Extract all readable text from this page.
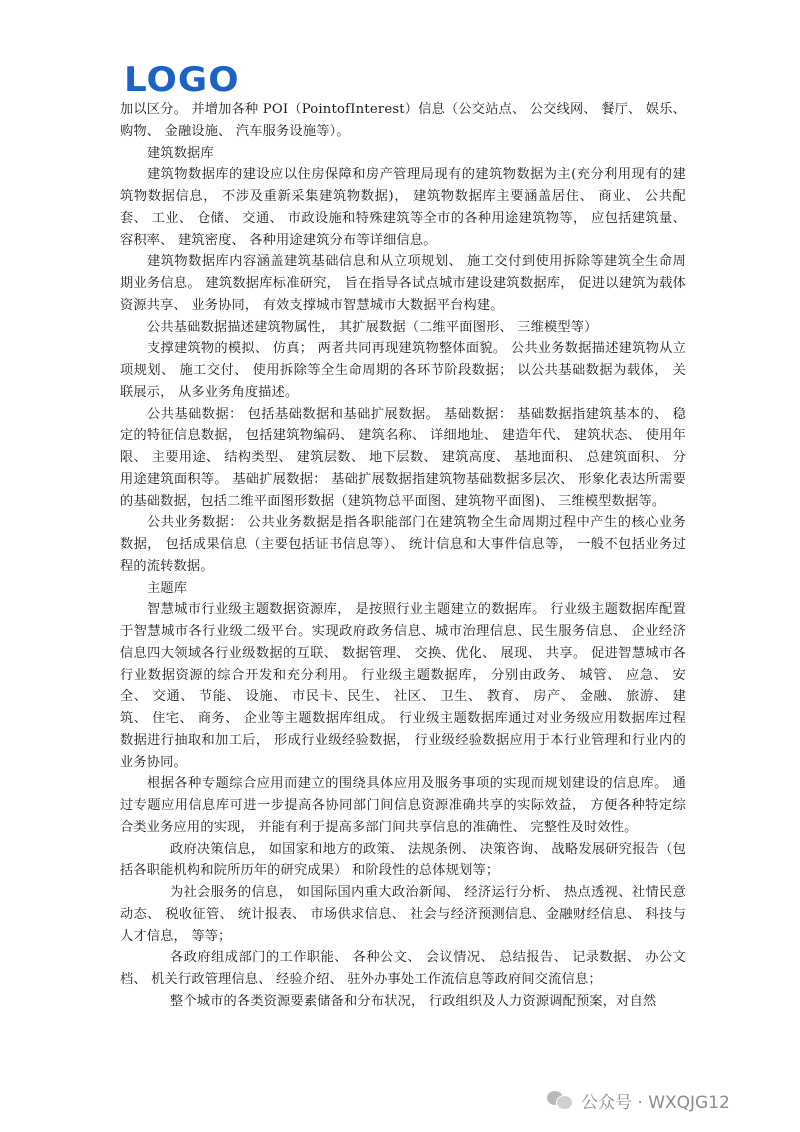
LOGO

加以区分。 并增加各种 POI（PointofInterest）信息（公交站点、 公交线网、 餐厅、 娱乐、 购物、 金融设施、 汽车服务设施等）。

建筑数据库

建筑物数据库的建设应以住房保障和房产管理局现有的建筑物数据为主(充分利用现有的建筑物数据信息， 不涉及重新采集建筑物数据)， 建筑物数据库主要涵盖居住、 商业、 公共配套、 工业、 仓储、 交通、 市政设施和特殊建筑等全市的各种用途建筑物等， 应包括建筑量、 容积率、 建筑密度、 各种用途建筑分布等详细信息。

建筑物数据库内容涵盖建筑基础信息和从立项规划、 施工交付到使用拆除等建筑全生命周期业务信息。 建筑数据库标准研究， 旨在指导各试点城市建设建筑数据库， 促进以建筑为载体资源共享、 业务协同， 有效支撑城市智慧城市大数据平台构建。

公共基础数据描述建筑物属性， 其扩展数据（二维平面图形、 三维模型等）

支撑建筑物的模拟、 仿真； 两者共同再现建筑物整体面貌。 公共业务数据描述建筑物从立项规划、 施工交付、 使用拆除等全生命周期的各环节阶段数据； 以公共基础数据为载体， 关联展示， 从多业务角度描述。

公共基础数据： 包括基础数据和基础扩展数据。 基础数据： 基础数据指建筑基本的、 稳定的特征信息数据， 包括建筑物编码、 建筑名称、 详细地址、 建造年代、 建筑状态、 使用年限、 主要用途、 结构类型、 建筑层数、 地下层数、 建筑高度、 基地面积、 总建筑面积、 分用途建筑面积等。 基础扩展数据： 基础扩展数据指建筑物基础数据多层次、 形象化表达所需要的基础数据，包括二维平面图形数据（建筑物总平面图、建筑物平面图)、 三维模型数据等。

公共业务数据： 公共业务数据是指各职能部门在建筑物全生命周期过程中产生的核心业务数据， 包括成果信息（主要包括证书信息等）、 统计信息和大事件信息等， 一般不包括业务过程的流转数据。

主题库

智慧城市行业级主题数据资源库， 是按照行业主题建立的数据库。 行业级主题数据库配置于智慧城市各行业级二级平台。实现政府政务信息、城市治理信息、民生服务信息、 企业经济信息四大领域各行业级数据的互联、 数据管理、 交换、优化、 展现、 共享。 促进智慧城市各行业数据资源的综合开发和充分利用。 行业级主题数据库， 分别由政务、 城管、 应急、 安全、 交通、 节能、 设施、 市民卡、民生、 社区、 卫生、 教育、 房产、 金融、 旅游、 建筑、 住宅、 商务、 企业等主题数据库组成。 行业级主题数据库通过对业务级应用数据库过程数据进行抽取和加工后， 形成行业级经验数据， 行业级经验数据应用于本行业管理和行业内的业务协同。

根据各种专题综合应用而建立的围绕具体应用及服务事项的实现而规划建设的信息库。 通过专题应用信息库可进一步提高各协同部门间信息资源准确共享的实际效益， 方便各种特定综合类业务应用的实现， 并能有利于提高多部门间共享信息的准确性、 完整性及时效性。

政府决策信息， 如国家和地方的政策、 法规条例、 决策咨询、 战略发展研究报告（包括各职能机构和院所历年的研究成果） 和阶段性的总体规划等；

为社会服务的信息， 如国际国内重大政治新闻、 经济运行分析、 热点透视、社情民意动态、 税收征管、 统计报表、 市场供求信息、 社会与经济预测信息、金融财经信息、 科技与人才信息， 等等；

各政府组成部门的工作职能、 各种公文、 会议情况、 总结报告、 记录数据、 办公文档、 机关行政管理信息、 经验介绍、 驻外办事处工作流信息等政府间交流信息；

整个城市的各类资源要素储备和分布状况， 行政组织及人力资源调配预案，对自然

公众号 · WXQJG12
